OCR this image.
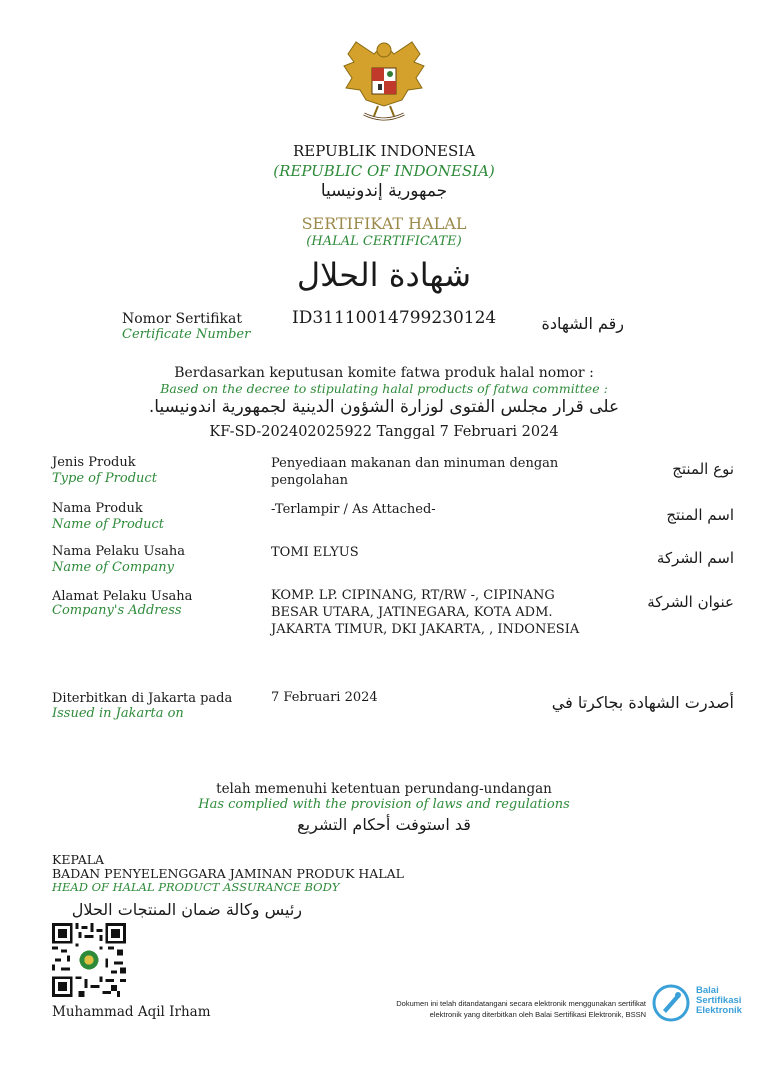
REPUBLIK INDONESIA
(REPUBLIC OF INDONESIA)
جمهورية إندونيسيا
SERTIFIKAT HALAL
(HALAL CERTIFICATE)
شهادة الحلال
Nomor Sertifikat
Certificate Number
ID31110014799230124	رقم الشهادة
Berdasarkan keputusan komite fatwa produk halal nomor :
Based on the decree to stipulating halal products of fatwa committee :
على قرار مجلس الفتوى لوزارة الشؤون الدينية لجمهورية اندونيسيا.
KF-SD-202402025922 Tanggal 7 Februari 2024
Jenis Produk
Type of Product
Penyediaan makanan dan minuman dengan
pengolahan
نوع المنتج
Nama Produk
Name of Product
-Terlampir / As Attached-	اسم المنتج
Nama Pelaku Usaha
Name of Company
TOMI ELYUS	اسم الشركة
Alamat Pelaku Usaha
Company's Address
KOMP. LP. CIPINANG, RT/RW -, CIPINANG
BESAR UTARA, JATINEGARA, KOTA ADM.
JAKARTA TIMUR, DKI JAKARTA, , INDONESIA
عنوان الشركة
Diterbitkan di Jakarta pada
Issued in Jakarta on
7 Februari 2024	أصدرت الشهادة بجاكرتا في
telah memenuhi ketentuan perundang-undangan
Has complied with the provision of laws and regulations
قد استوفت أحكام التشريع
KEPALA
BADAN PENYELENGGARA JAMINAN PRODUK HALAL
HEAD OF HALAL PRODUCT ASSURANCE BODY
رئيس وكالة ضمان المنتجات الحلال
Muhammad Aqil Irham
Dokumen ini telah ditandatangani secara elektronik menggunakan sertifikat
elektronik yang diterbitkan oleh Balai Sertifikasi Elektronik, BSSN
Balai
Sertifikasi
Elektronik
